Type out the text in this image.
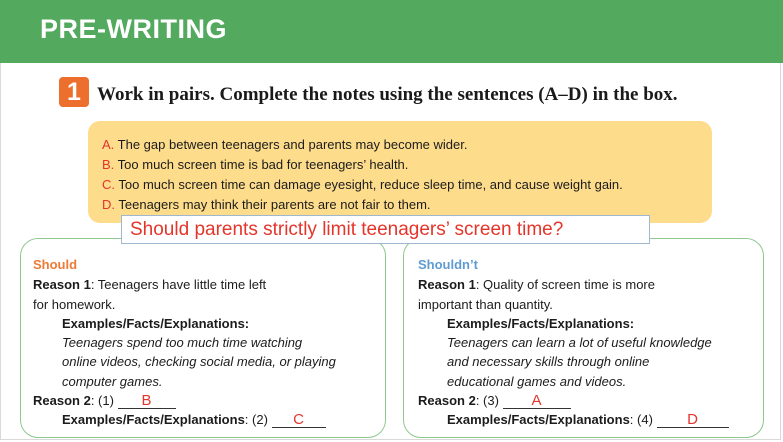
PRE-WRITING
1 Work in pairs. Complete the notes using the sentences (A–D) in the box.
A. The gap between teenagers and parents may become wider.
B. Too much screen time is bad for teenagers’ health.
C. Too much screen time can damage eyesight, reduce sleep time, and cause weight gain.
D. Teenagers may think their parents are not fair to them.
Should
Reason 1: Teenagers have little time left
for homework.
Examples/Facts/Explanations:
Teenagers spend too much time watching
online videos, checking social media, or playing
computer games.
Reason 2: (1) B
Examples/Facts/Explanations: (2) C
Shouldn’t
Reason 1: Quality of screen time is more
important than quantity.
Examples/Facts/Explanations:
Teenagers can learn a lot of useful knowledge
and necessary skills through online
educational games and videos.
Reason 2: (3) A
Examples/Facts/Explanations: (4) D
Should parents strictly limit teenagers’ screen time?
